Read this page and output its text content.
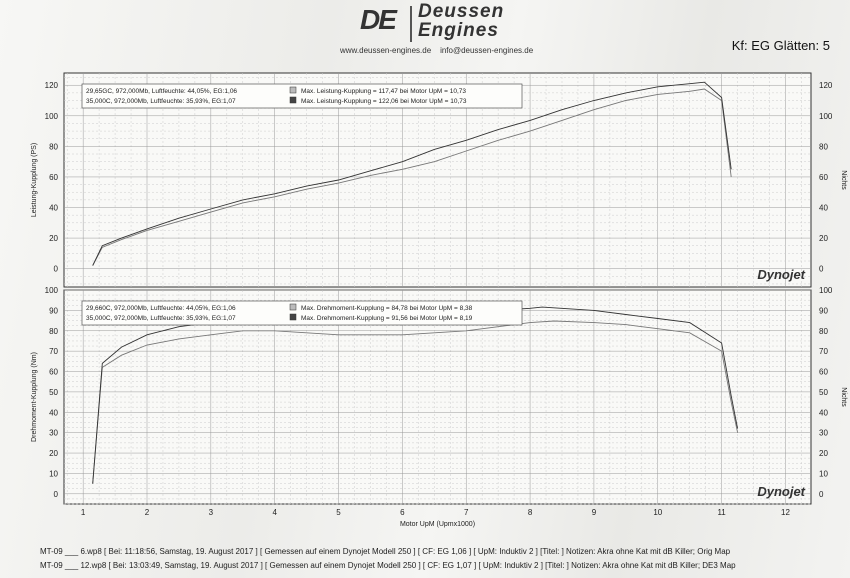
DE Deussen
Engines
www.deussen-engines.de info@deussen-engines.de	Kf: EG Glätten: 5
0
20
40
60
80
100
120
0
20
40
60
80
100
120
Leistung-Kupplung (PS)	Nichts
29,65GC, 972,000Mb, Luftfeuchte: 44,05%, EG:1,06	Max. Leistung-Kupplung = 117,47 bei Motor UpM = 10,73
35,000C, 972,000Mb, Luftfeuchte: 35,93%, EG:1,07	Max. Leistung-Kupplung = 122,06 bei Motor UpM = 10,73
Dynojet
0
10
20
30
40
50
60
70
80
90
100
0
10
20
30
40
50
60
70
80
90
100
Drehmoment-Kupplung (Nm)	Nichts
1	2	3	4	5	6	7	8	9	10	11	12
Motor UpM (Upmx1000)
29,660C, 972,000Mb, Luftfeuchte: 44,05%, EG:1,06	Max. Drehmoment-Kupplung = 84,78 bei Motor UpM = 8,38
35,000C, 972,000Mb, Luftfeuchte: 35,93%, EG:1,07	Max. Drehmoment-Kupplung = 91,56 bei Motor UpM = 8,19
Dynojet
MT-09 ___ 6.wp8 [ Bei: 11:18:56, Samstag, 19. August 2017 ] [ Gemessen auf einem Dynojet Modell 250 ] [ CF: EG 1,06 ] [ UpM: Induktiv 2 ] [Titel: ] Notizen: Akra ohne Kat mit dB Killer; Orig Map
MT-09 ___ 12.wp8 [ Bei: 13:03:49, Samstag, 19. August 2017 ] [ Gemessen auf einem Dynojet Modell 250 ] [ CF: EG 1,07 ] [ UpM: Induktiv 2 ] [Titel: ] Notizen: Akra ohne Kat mit dB Killer; DE3 Map
